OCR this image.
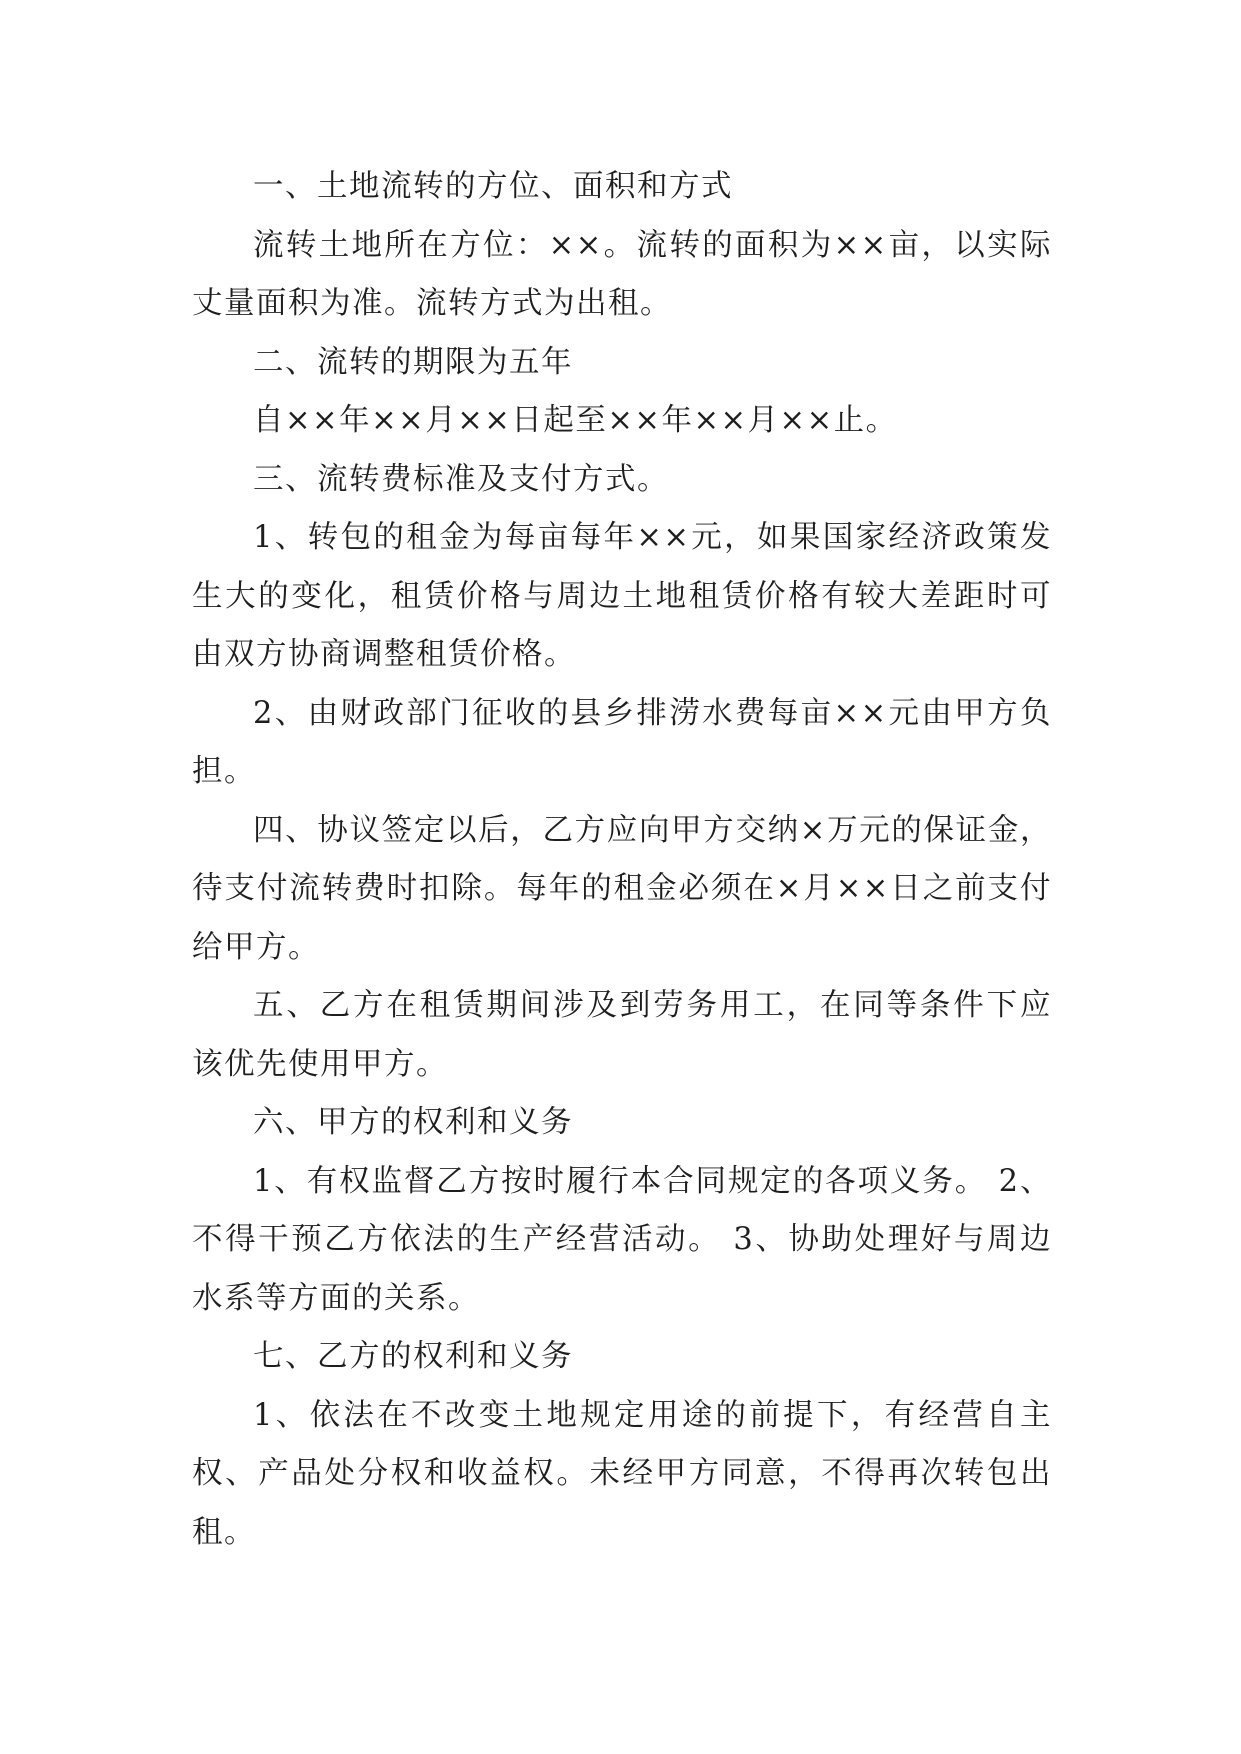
一、土地流转的方位、面积和方式

流转土地所在方位：××。流转的面积为××亩，以实际丈量面积为准。流转方式为出租。

二、流转的期限为五年

自××年××月××日起至××年××月××止。

三、流转费标准及支付方式。

1、转包的租金为每亩每年××元，如果国家经济政策发生大的变化，租赁价格与周边土地租赁价格有较大差距时可由双方协商调整租赁价格。

2、由财政部门征收的县乡排涝水费每亩××元由甲方负担。

四、协议签定以后，乙方应向甲方交纳×万元的保证金，待支付流转费时扣除。每年的租金必须在×月××日之前支付给甲方。

五、乙方在租赁期间涉及到劳务用工，在同等条件下应该优先使用甲方。

六、甲方的权利和义务

1、有权监督乙方按时履行本合同规定的各项义务。 2、不得干预乙方依法的生产经营活动。 3、协助处理好与周边水系等方面的关系。

七、乙方的权利和义务

1、依法在不改变土地规定用途的前提下，有经营自主权、产品处分权和收益权。未经甲方同意，不得再次转包出租。
